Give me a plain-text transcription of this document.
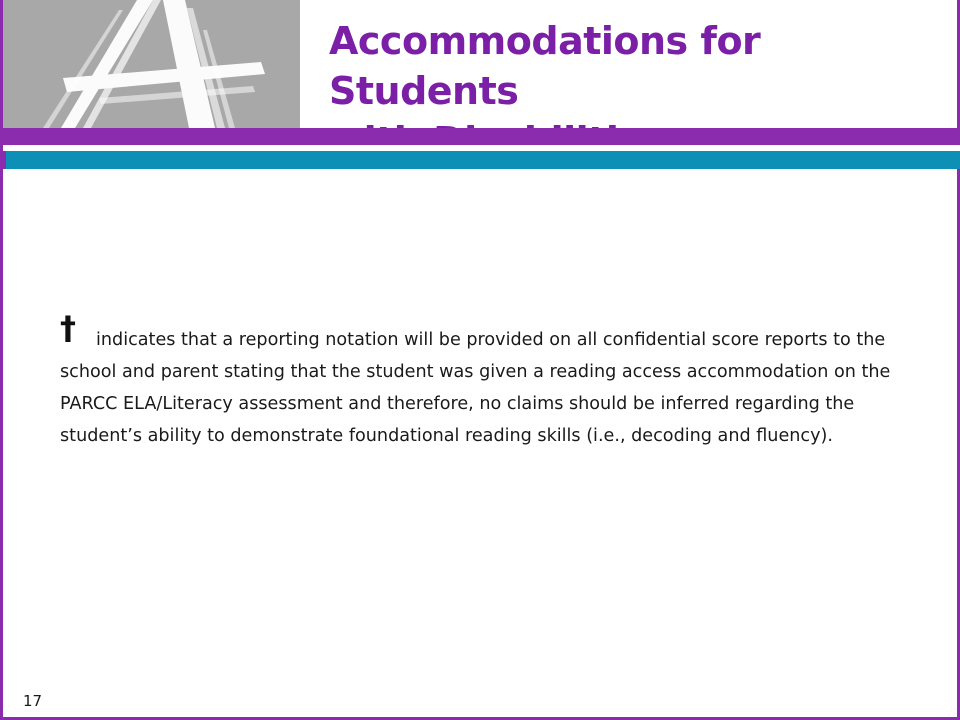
Accommodations for Students

† indicates that a reporting notation will be provided on all confidential score reports to the school and parent stating that the student was given a reading access accommodation on the PARCC ELA/Literacy assessment and therefore, no claims should be inferred regarding the student’s ability to demonstrate foundational reading skills (i.e., decoding and fluency).

17
